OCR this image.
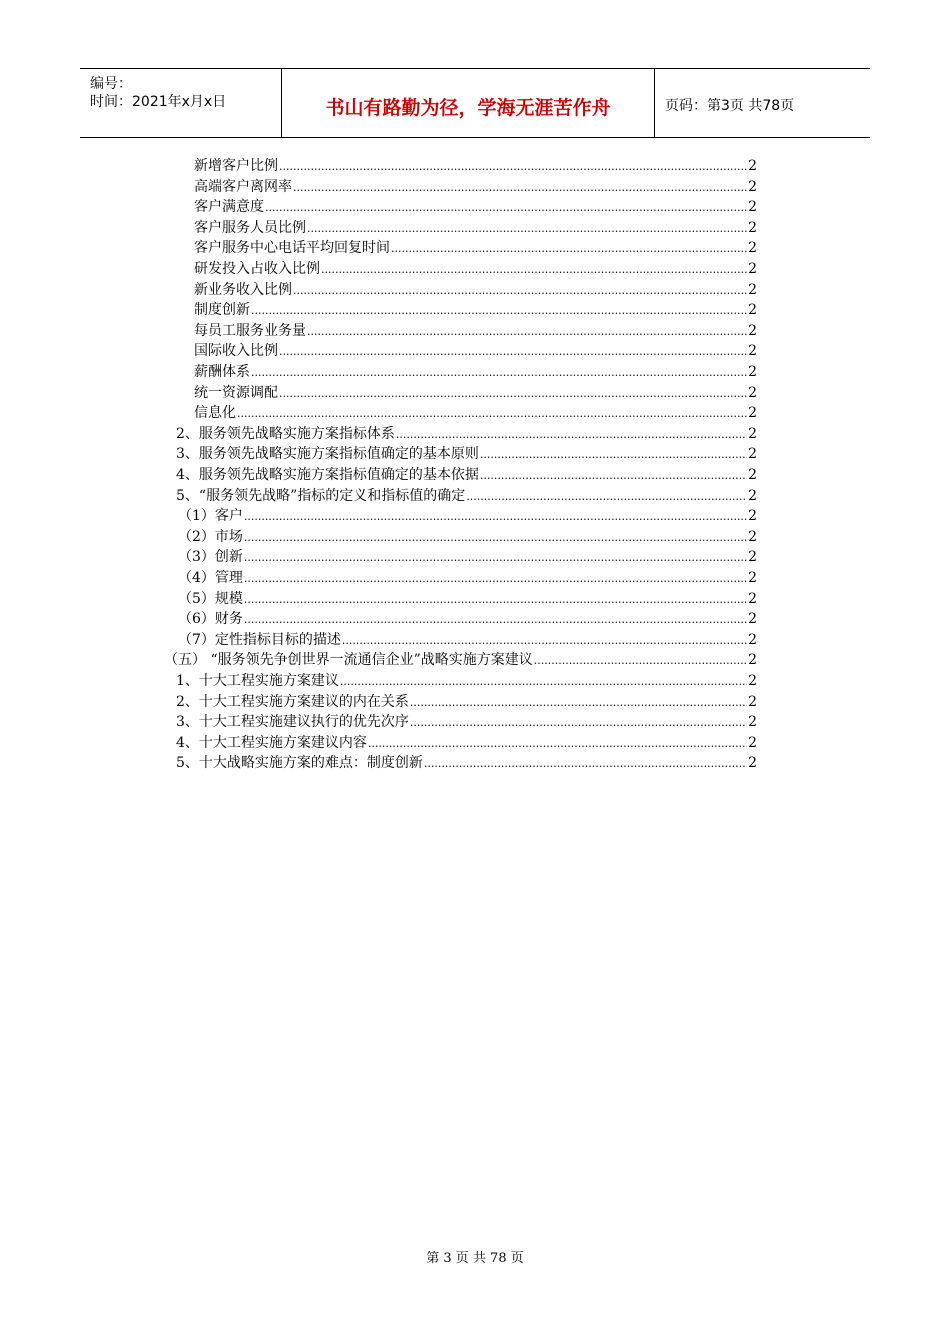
编号：
时间：2021年x月x日	书山有路勤为径，学海无涯苦作舟	页码：第3页 共78页
新增客户比例 .....	2
高端客户离网率 .....	2
客户满意度 .....	2
客户服务人员比例 .....	2
客户服务中心电话平均回复时间 .....	2
研发投入占收入比例 .....	2
新业务收入比例 .....	2
制度创新 .....	2
每员工服务业务量 .....	2
国际收入比例 .....	2
薪酬体系 .....	2
统一资源调配 .....	2
信息化 .....	2
2、服务领先战略实施方案指标体系 .....	2
3、服务领先战略实施方案指标值确定的基本原则 .....	2
4、服务领先战略实施方案指标值确定的基本依据 .....	2
5、“服务领先战略”指标的定义和指标值的确定 .....	2
（1）客户 .....	2
（2）市场 .....	2
（3）创新 .....	2
（4）管理 .....	2
（5）规模 .....	2
（6）财务 .....	2
（7）定性指标目标的描述 .....	2
（五） “服务领先争创世界一流通信企业”战略实施方案建议 .....	2
1、十大工程实施方案建议 .....	2
2、十大工程实施方案建议的内在关系 .....	2
3、十大工程实施建议执行的优先次序 .....	2
4、十大工程实施方案建议内容 .....	2
5、十大战略实施方案的难点：制度创新 .....	2
第 3 页 共 78 页
